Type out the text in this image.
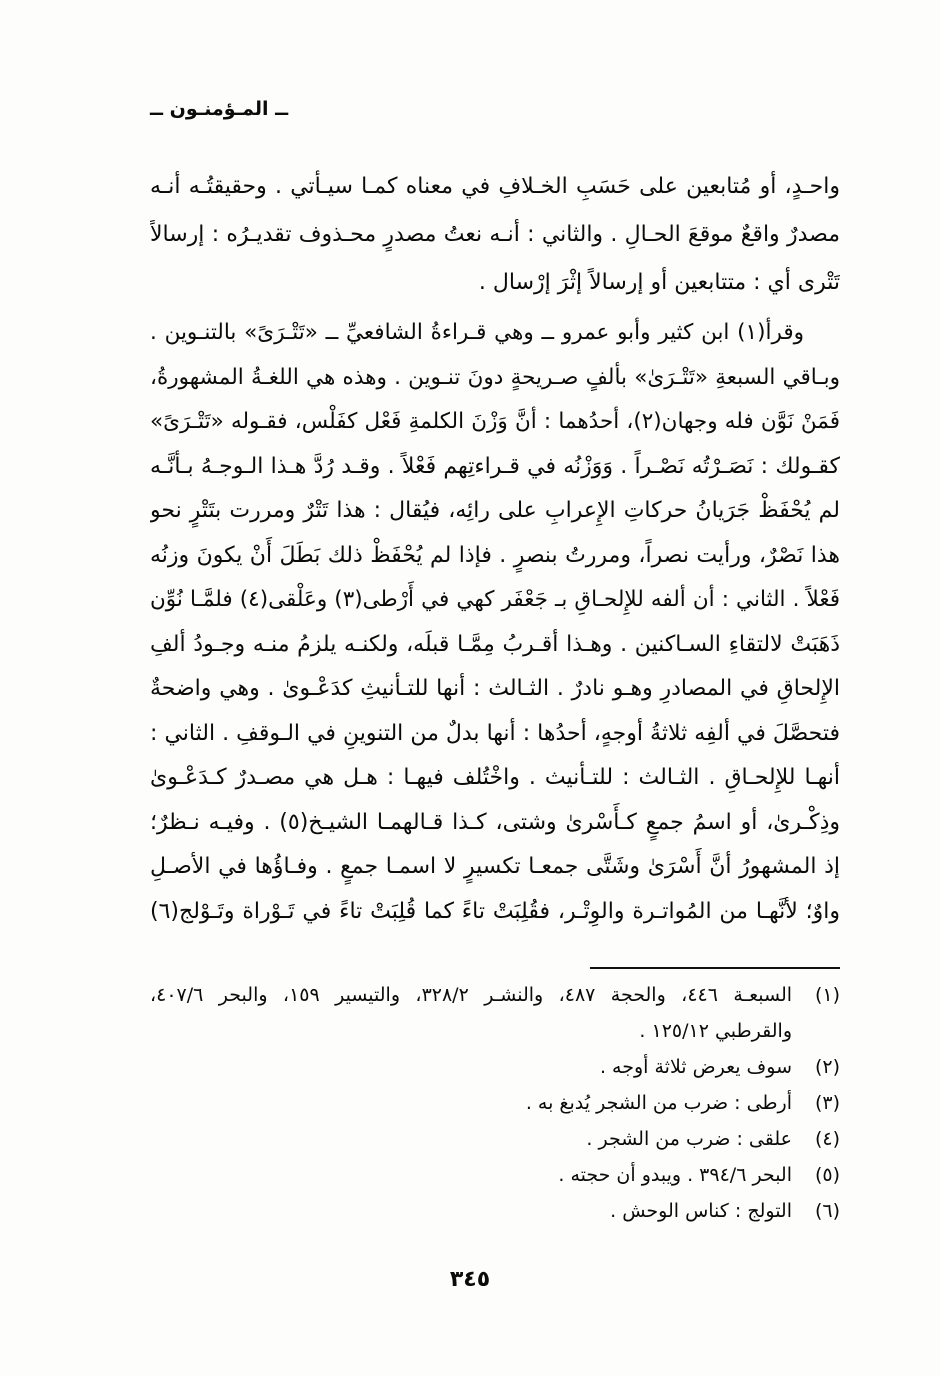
ــ المـؤمنـون ــ
واحـدٍ، أو مُتابعين على حَسَبِ الخـلافِ في معناه كمـا سيـأتي . وحقيقتُـه أنـه
مصدرٌ واقعٌ موقعَ الحـالِ . والثاني : أنـه نعتُ مصدرٍ محـذوف تقديـرُه : إرسالاً
تَتْرى أي : متتابعين أو إرسالاً إثْرَ إرْسال .
وقرأ(١) ابن كثير وأبو عمرو ــ وهي قـراءةُ الشافعيِّ ــ «تَتْـرَىً» بالتنـوين .
وبـاقي السبعةِ «تَتْـرَىٰ» بألفٍ صـريحةٍ دونَ تنـوين . وهذه هي اللغـةُ المشهورةُ،
فَمَنْ نَوَّن فله وجهان(٢)، أحدُهما : أنَّ وَزْنَ الكلمةِ فَعْل كفَلْس، فقـوله «تَتْـرَىً»
كقـولك : نَصَـرْتُه نَصْـراً . وَوَزْنُه في قـراءتِهم فَعْلاً . وقـد رُدَّ هـذا الـوجـهُ بـأنَّـه
لم يُحْفَظْ جَرَيانُ حركاتِ الإِعرابِ على رائِه، فيُقال : هذا تَتْرٌ ومررت بتَتْرٍ نحو
هذا نَصْرٌ، ورأيت نصراً، ومررتُ بنصرٍ . فإذا لم يُحْفَظْ ذلك بَطَلَ أَنْ يكونَ وزنُه
فَعْلاً . الثاني : أن ألفه للإِلحـاقِ بـ جَعْفَر كهي في أَرْطى(٣) وعَلْقى(٤) فلمَّـا نُوِّن
ذَهَبَتْ لالتقاءِ السـاكنين . وهـذا أقـربُ مِمَّـا قبلَه، ولكنـه يلزمُ منـه وجـودُ ألفِ
الإِلحاقِ في المصادرِ وهـو نادرٌ . الثـالث : أنها للتـأنيثِ كدَعْـوىٰ . وهي واضحةٌ
فتحصَّلَ في ألفِه ثلاثةُ أوجهٍ، أحدُها : أنها بدلٌ من التنوينِ في الـوقفِ . الثاني :
أنهـا للإِلحـاقِ . الثـالث : للتـأنيث . واخْتُلف فيهـا : هـل هي مصـدرٌ كـدَعْـوىٰ
وذِكْـرىٰ، أو اسمُ جمعٍ كـأَسْرىٰ وشتى، كـذا قـالهمـا الشيـخ(٥) . وفيـه نـظرٌ؛
إذ المشهورُ أنَّ أَسْرَىٰ وشَتَّى جمعـا تكسيرٍ لا اسمـا جمعٍ . وفـاؤُها في الأصـلِ
واوٌ؛ لأنَّهـا من المُواتـرة والوِتْـر، فقُلِبَتْ تاءً كما قُلِبَتْ تاءً في تَـوْراة وتَـوْلج(٦)
(١)
السبعـة ٤٤٦، والحجة ٤٨٧، والنشـر ٣٢٨/٢، والتيسير ١٥٩، والبحر ٤٠٧/٦،
والقرطبي ١٢٥/١٢ .
(٢)
سوف يعرض ثلاثة أوجه .
(٣)
أرطى : ضرب من الشجر يُدبغ به .
(٤)
علقى : ضرب من الشجر .
(٥)
البحر ٣٩٤/٦ . ويبدو أن حجته .
(٦)
التولج : كناس الوحش .
٣٤٥
